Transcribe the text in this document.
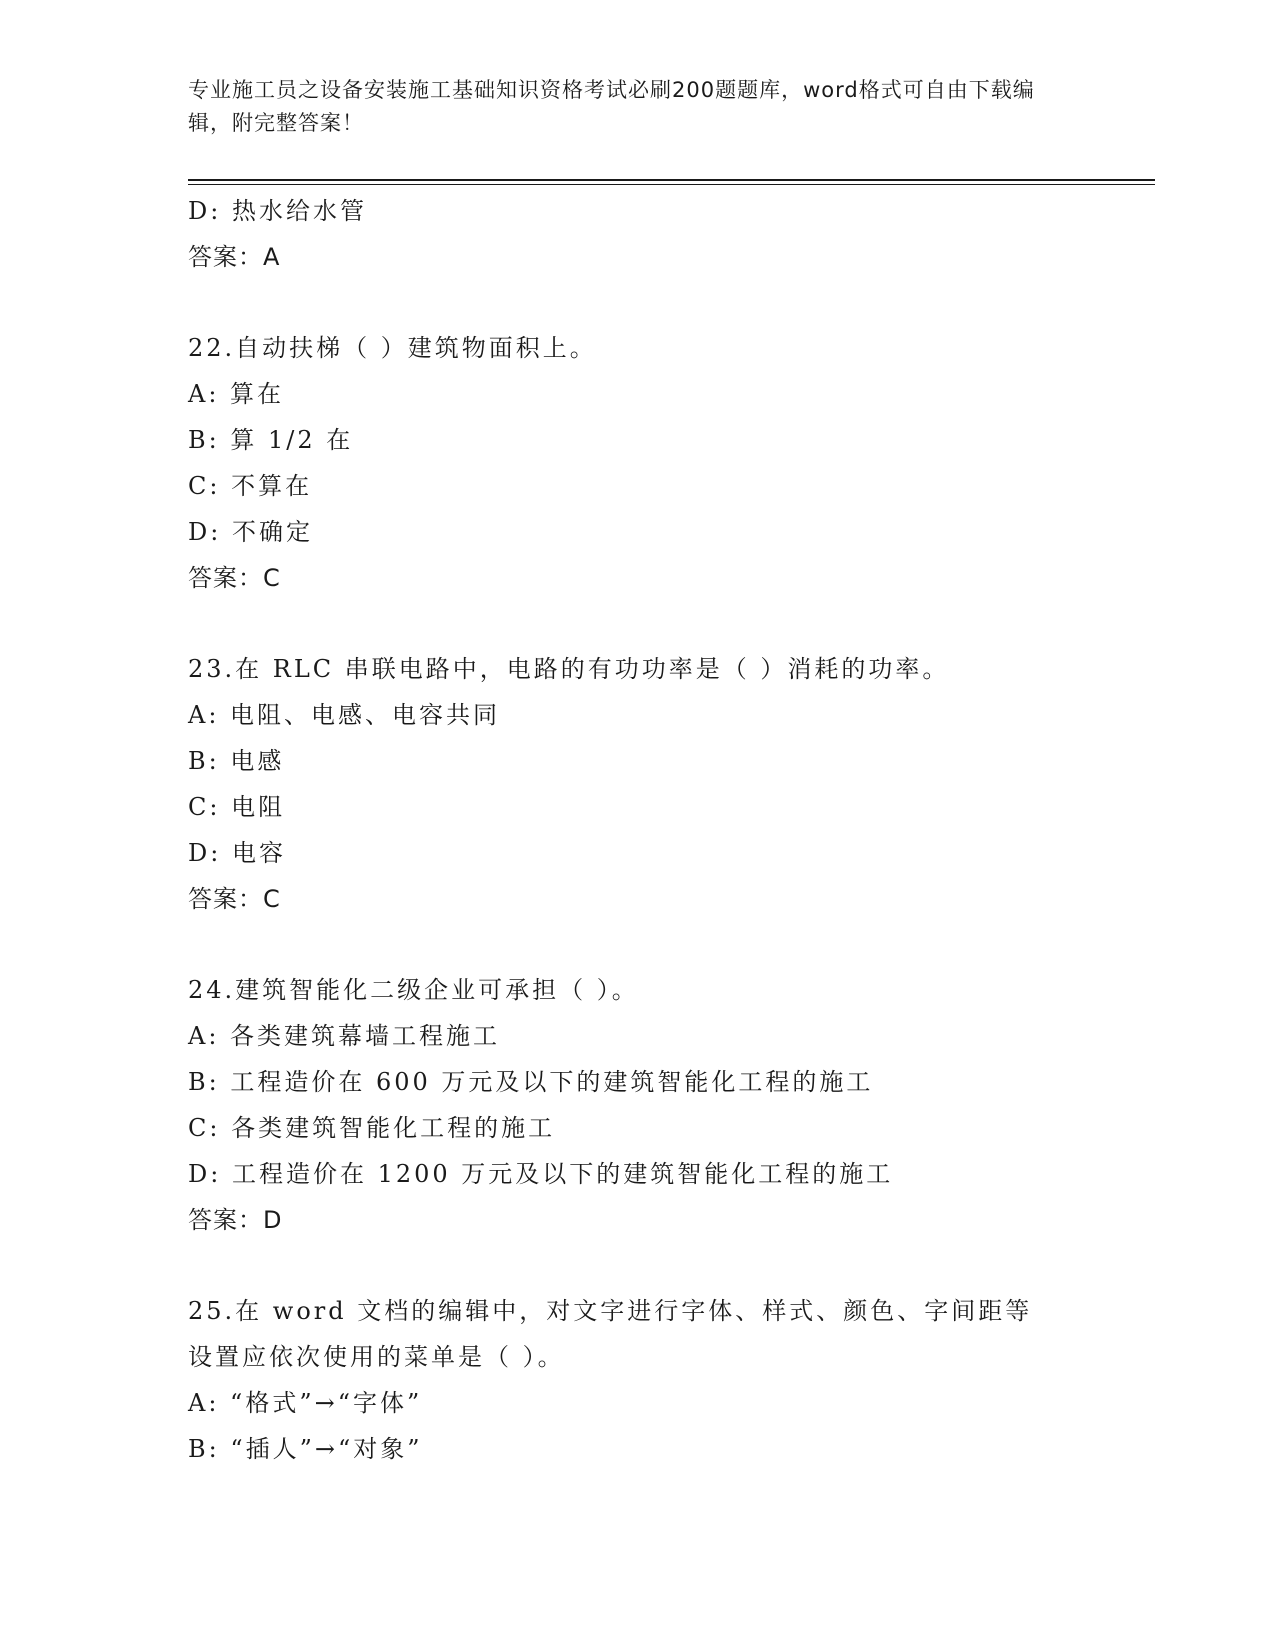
专业施工员之设备安装施工基础知识资格考试必刷200题题库，word格式可自由下载编辑，附完整答案！
D: 热水给水管
答案：A
22.自动扶梯（ ）建筑物面积上。
A: 算在
B: 算 1/2 在
C: 不算在
D: 不确定
答案：C
23.在 RLC 串联电路中，电路的有功功率是（ ）消耗的功率。
A: 电阻、电感、电容共同
B: 电感
C: 电阻
D: 电容
答案：C
24.建筑智能化二级企业可承担（ ）。
A: 各类建筑幕墙工程施工
B: 工程造价在 600 万元及以下的建筑智能化工程的施工
C: 各类建筑智能化工程的施工
D: 工程造价在 1200 万元及以下的建筑智能化工程的施工
答案：D
25.在 word 文档的编辑中，对文字进行字体、样式、颜色、字间距等
设置应依次使用的菜单是（ ）。
A: “格式”→“字体”
B: “插人”→“对象”
